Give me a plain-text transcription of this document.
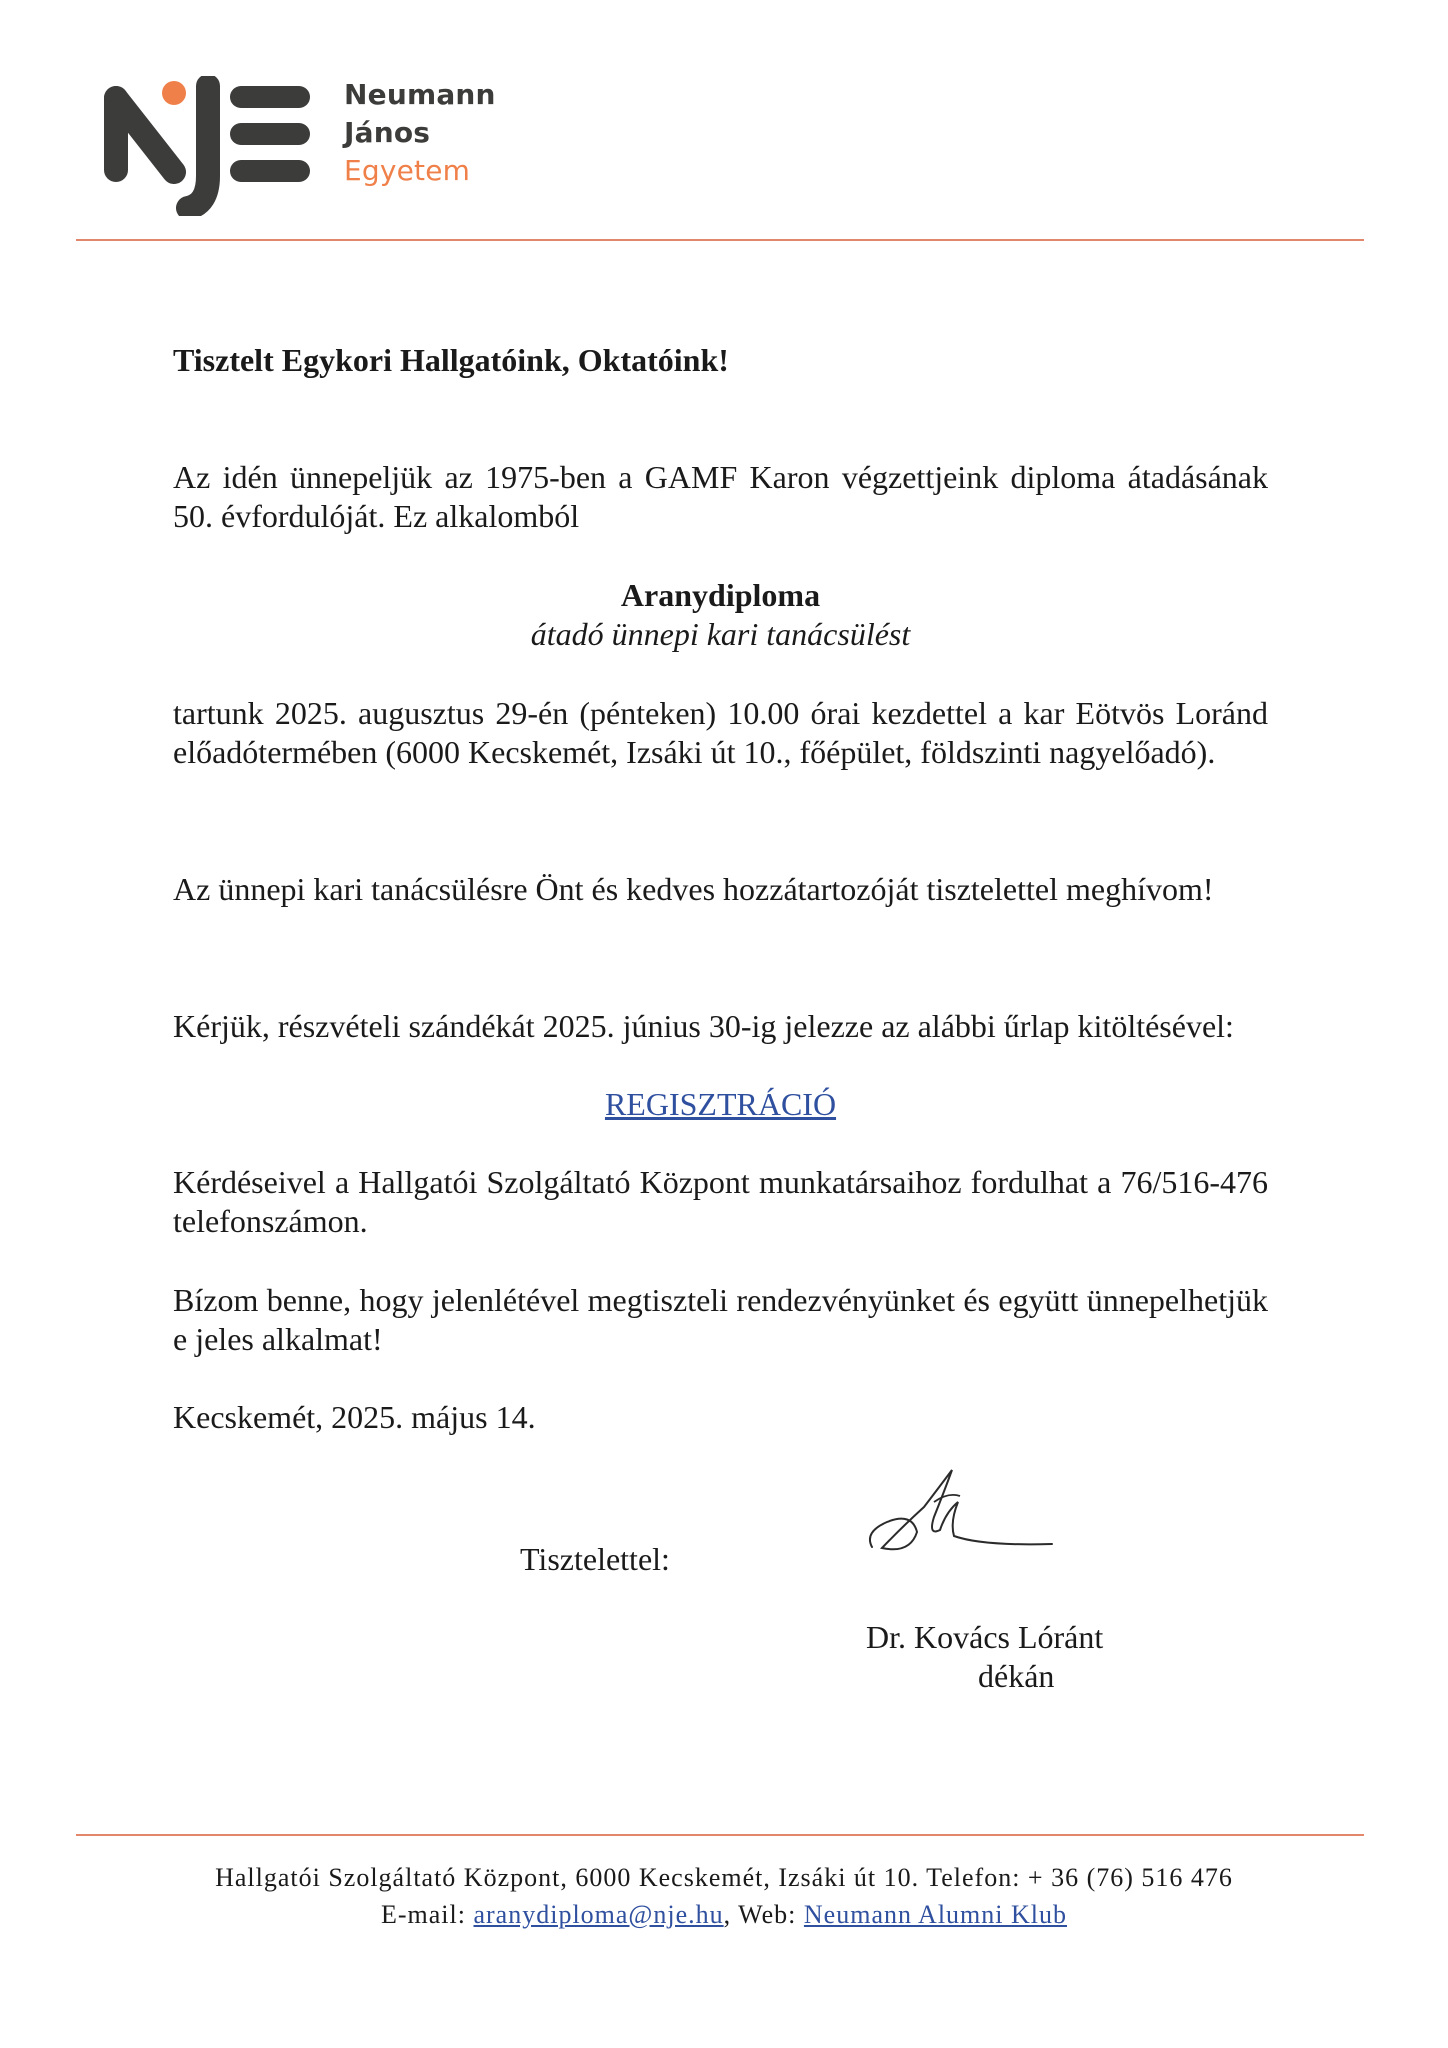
Neumann
János
Egyetem

Tisztelt Egykori Hallgatóink, Oktatóink!

Az idén ünnepeljük az 1975-ben a GAMF Karon végzettjeink diploma átadásának 50. évfordulóját. Ez alkalomból

Aranydiploma

átadó ünnepi kari tanácsülést

tartunk 2025. augusztus 29-én (pénteken) 10.00 órai kezdettel a kar Eötvös Loránd előadótermében (6000 Kecskemét, Izsáki út 10., főépület, földszinti nagyelőadó).

Az ünnepi kari tanácsülésre Önt és kedves hozzátartozóját tisztelettel meghívom!

Kérjük, részvételi szándékát 2025. június 30-ig jelezze az alábbi űrlap kitöltésével:

REGISZTRÁCIÓ

Kérdéseivel a Hallgatói Szolgáltató Központ munkatársaihoz fordulhat a 76/516-476 telefonszámon.

Bízom benne, hogy jelenlétével megtiszteli rendezvényünket és együtt ünnepelhetjük e jeles alkalmat!

Kecskemét, 2025. május 14.

Tisztelettel:

Dr. Kovács Lóránt

dékán

Hallgatói Szolgáltató Központ, 6000 Kecskemét, Izsáki út 10. Telefon: + 36 (76) 516 476
E-mail: aranydiploma@nje.hu, Web: Neumann Alumni Klub
